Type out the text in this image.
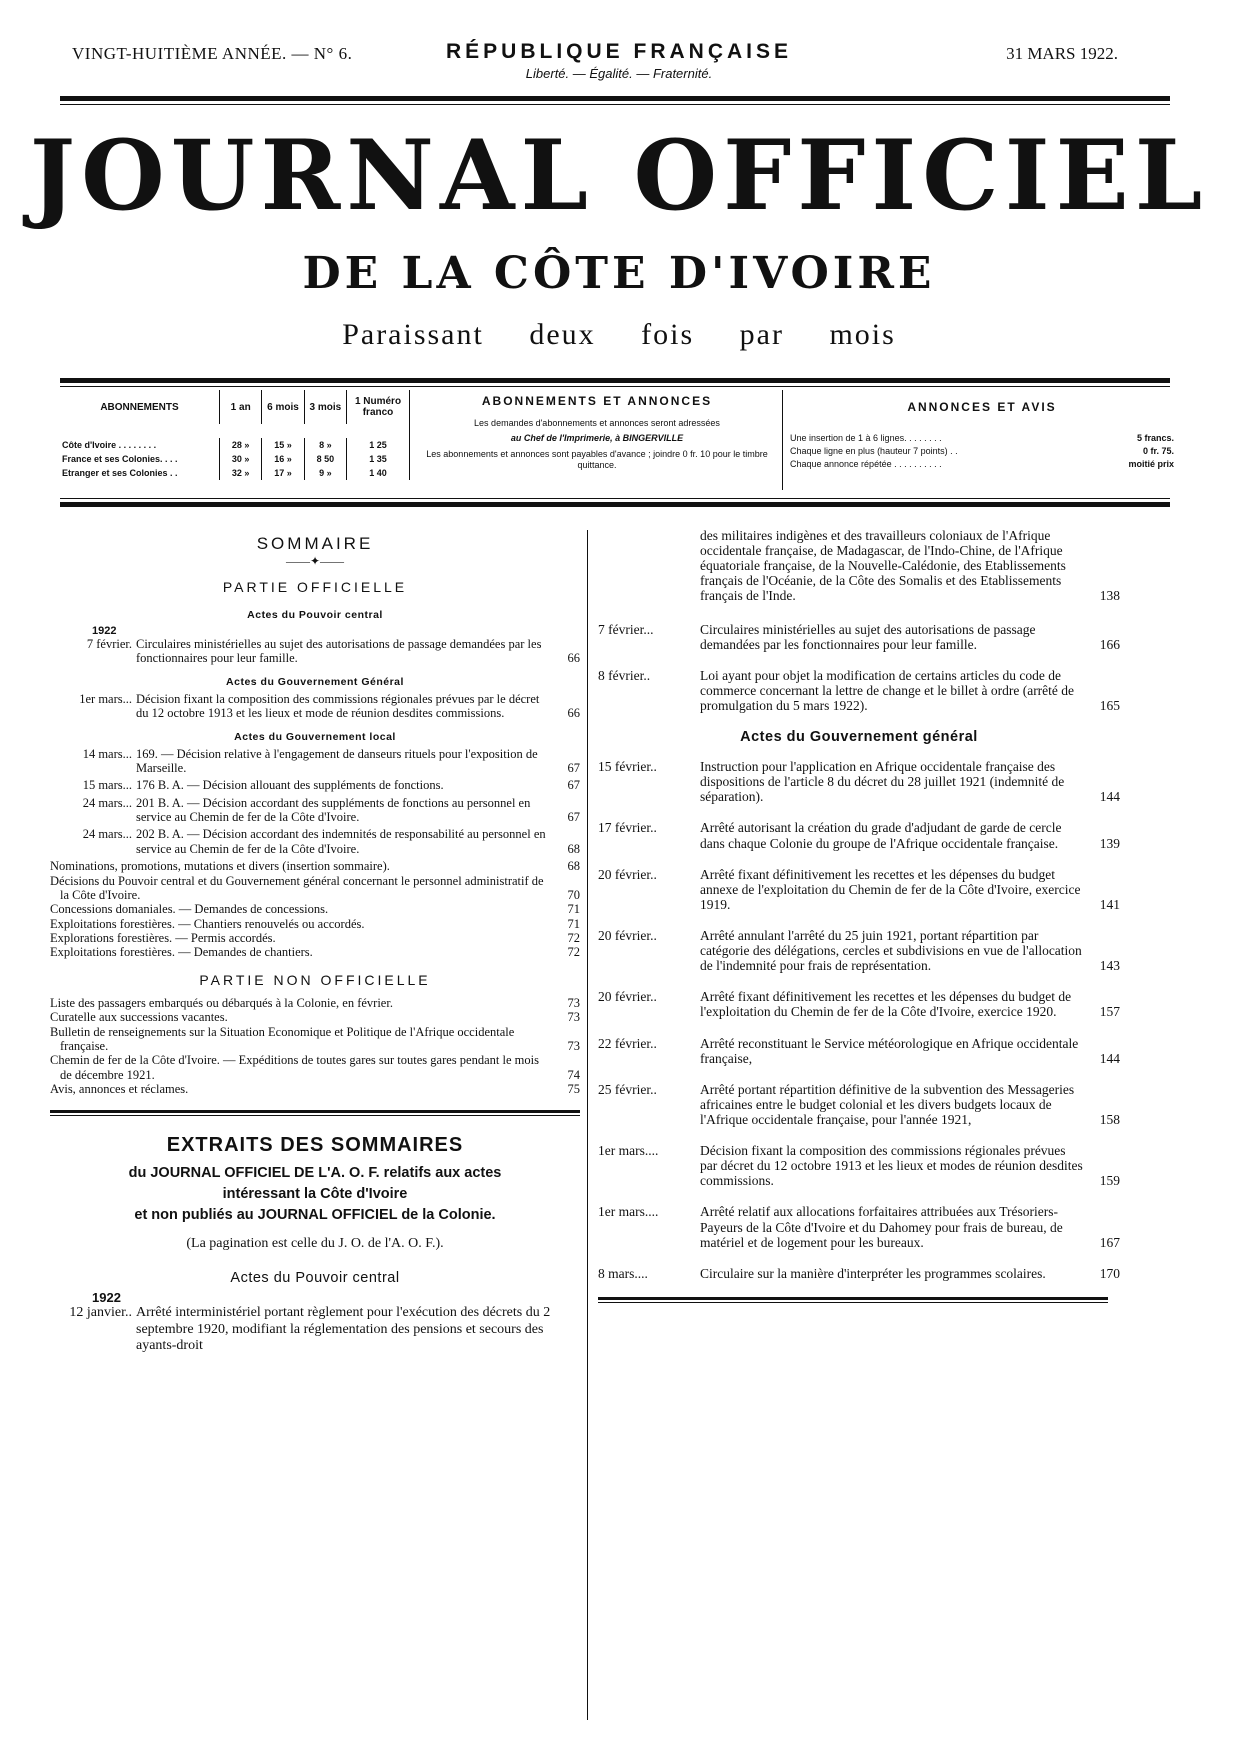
VINGT-HUITIÈME ANNÉE. — N° 6.	RÉPUBLIQUE FRANÇAISE
Liberté. — Égalité. — Fraternité.
31 MARS 1922.
JOURNAL OFFICIEL
DE LA CÔTE D'IVOIRE
Paraissant deux fois par mois
ABONNEMENTS	1 an	6 mois	3 mois	1 Numéro franco

Côte d'Ivoire . . . . . . . .	28 »	15 »	8 »	1 25
France et ses Colonies. . . .	30 »	16 »	8 50	1 35
Etranger et ses Colonies . .	32 »	17 »	9 »	1 40
ABONNEMENTS ET ANNONCES

Les demandes d'abonnements et annonces seront adressées

au Chef de l'Imprimerie, à BINGERVILLE

Les abonnements et annonces sont payables d'avance ; joindre 0 fr. 10 pour le timbre quittance.

ANNONCES ET AVIS
Une insertion de 1 à 6 lignes. . . . . . . .	5 francs.
Chaque ligne en plus (hauteur 7 points) . .	0 fr. 75.
Chaque annonce répétée . . . . . . . . . .	moitié prix
SOMMAIRE
——✦——
PARTIE OFFICIELLE
Actes du Pouvoir central
1922
7 février. Circulaires ministérielles au sujet des autorisations de passage demandées par les fonctionnaires pour leur famille.	66
Actes du Gouvernement Général
1er mars... Décision fixant la composition des commissions régionales prévues par le décret du 12 octobre 1913 et les lieux et mode de réunion desdites commissions.	66
Actes du Gouvernement local
14 mars... 169. — Décision relative à l'engagement de danseurs rituels pour l'exposition de Marseille.	67
15 mars... 176 B. A. — Décision allouant des suppléments de fonctions.	67
24 mars... 201 B. A. — Décision accordant des suppléments de fonctions au personnel en service au Chemin de fer de la Côte d'Ivoire.	67
24 mars... 202 B. A. — Décision accordant des indemnités de responsabilité au personnel en service au Chemin de fer de la Côte d'Ivoire.	68
Nominations, promotions, mutations et divers (insertion sommaire).	68
Décisions du Pouvoir central et du Gouvernement général concernant le personnel administratif de la Côte d'Ivoire.	70
Concessions domaniales. — Demandes de concessions.	71
Exploitations forestières. — Chantiers renouvelés ou accordés.	71
Explorations forestières. — Permis accordés.	72
Exploitations forestières. — Demandes de chantiers.	72
PARTIE NON OFFICIELLE
Liste des passagers embarqués ou débarqués à la Colonie, en février.	73
Curatelle aux successions vacantes.	73
Bulletin de renseignements sur la Situation Economique et Politique de l'Afrique occidentale française.	73
Chemin de fer de la Côte d'Ivoire. — Expéditions de toutes gares sur toutes gares pendant le mois de décembre 1921.	74
Avis, annonces et réclames.	75
EXTRAITS DES SOMMAIRES
du JOURNAL OFFICIEL DE L'A. O. F. relatifs aux actes
intéressant la Côte d'Ivoire
et non publiés au JOURNAL OFFICIEL de la Colonie.
(La pagination est celle du J. O. de l'A. O. F.).
Actes du Pouvoir central
1922
12 janvier.. Arrêté interministériel portant règlement pour l'exécution des décrets du 2 septembre 1920, modifiant la réglementation des pensions et secours des ayants-droit
des militaires indigènes et des travailleurs coloniaux de l'Afrique occidentale française, de Madagascar, de l'Indo-Chine, de l'Afrique équatoriale française, de la Nouvelle-Calédonie, des Etablissements français de l'Océanie, de la Côte des Somalis et des Etablissements français de l'Inde.	138
7 février...	Circulaires ministérielles au sujet des autorisations de passage demandées par les fonctionnaires pour leur famille.	166
8 février..	Loi ayant pour objet la modification de certains articles du code de commerce concernant la lettre de change et le billet à ordre (arrêté de promulgation du 5 mars 1922).	165
Actes du Gouvernement général
15 février..	Instruction pour l'application en Afrique occidentale française des dispositions de l'article 8 du décret du 28 juillet 1921 (indemnité de séparation).	144
17 février..	Arrêté autorisant la création du grade d'adjudant de garde de cercle dans chaque Colonie du groupe de l'Afrique occidentale française.	139
20 février..	Arrêté fixant définitivement les recettes et les dépenses du budget annexe de l'exploitation du Chemin de fer de la Côte d'Ivoire, exercice 1919.	141
20 février..	Arrêté annulant l'arrêté du 25 juin 1921, portant répartition par catégorie des délégations, cercles et subdivisions en vue de l'allocation de l'indemnité pour frais de représentation.	143
20 février..	Arrêté fixant définitivement les recettes et les dépenses du budget de l'exploitation du Chemin de fer de la Côte d'Ivoire, exercice 1920.	157
22 février..	Arrêté reconstituant le Service météorologique en Afrique occidentale française,	144
25 février..	Arrêté portant répartition définitive de la subvention des Messageries africaines entre le budget colonial et les divers budgets locaux de l'Afrique occidentale française, pour l'année 1921,	158
1er mars....	Décision fixant la composition des commissions régionales prévues par décret du 12 octobre 1913 et les lieux et modes de réunion desdites commissions.	159
1er mars....	Arrêté relatif aux allocations forfaitaires attribuées aux Trésoriers-Payeurs de la Côte d'Ivoire et du Dahomey pour frais de bureau, de matériel et de logement pour les bureaux.	167
8 mars....	Circulaire sur la manière d'interpréter les programmes scolaires.	170
